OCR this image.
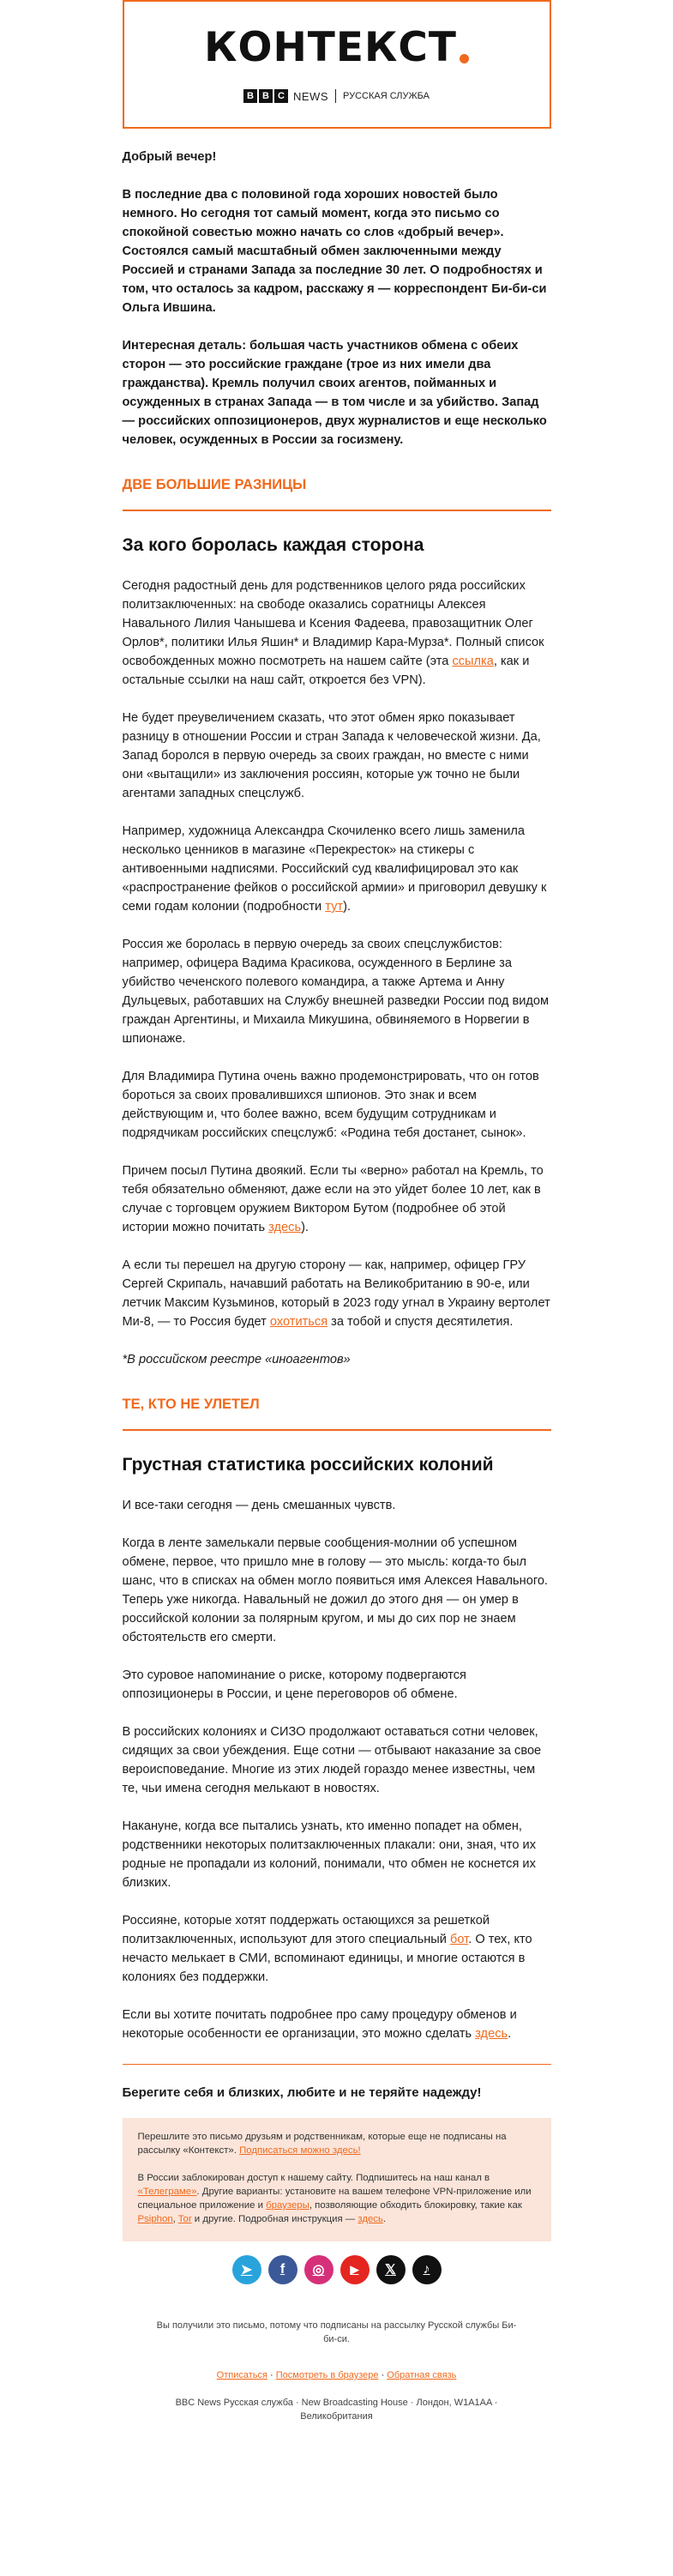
КОНТЕКСТ
B B C NEWS РУССКАЯ СЛУЖБА

Добрый вечер!

В последние два с половиной года хороших новостей было немного. Но сегодня тот самый момент, когда это письмо со спокойной совестью можно начать со слов «добрый вечер». Состоялся самый масштабный обмен заключенными между Россией и странами Запада за последние 30 лет. О подробностях и том, что осталось за кадром, расскажу я — корреспондент Би-би-си Ольга Ившина.

Интересная деталь: большая часть участников обмена с обеих сторон — это российские граждане (трое из них имели два гражданства). Кремль получил своих агентов, пойманных и осужденных в странах Запада — в том числе и за убийство. Запад — российских оппозиционеров, двух журналистов и еще несколько человек, осужденных в России за госизмену.

ДВЕ БОЛЬШИЕ РАЗНИЦЫ

За кого боролась каждая сторона

Сегодня радостный день для родственников целого ряда российских политзаключенных: на свободе оказались соратницы Алексея Навального Лилия Чанышева и Ксения Фадеева, правозащитник Олег Орлов*, политики Илья Яшин* и Владимир Кара-Мурза*. Полный список освобожденных можно посмотреть на нашем сайте (эта ссылка, как и остальные ссылки на наш сайт, откроется без VPN).

Не будет преувеличением сказать, что этот обмен ярко показывает разницу в отношении России и стран Запада к человеческой жизни. Да, Запад боролся в первую очередь за своих граждан, но вместе с ними они «вытащили» из заключения россиян, которые уж точно не были агентами западных спецслужб.

Например, художница Александра Скочиленко всего лишь заменила несколько ценников в магазине «Перекресток» на стикеры с антивоенными надписями. Российский суд квалифицировал это как «распространение фейков о российской армии» и приговорил девушку к семи годам колонии (подробности тут).

Россия же боролась в первую очередь за своих спецслужбистов: например, офицера Вадима Красикова, осужденного в Берлине за убийство чеченского полевого командира, а также Артема и Анну Дульцевых, работавших на Службу внешней разведки России под видом граждан Аргентины, и Михаила Микушина, обвиняемого в Норвегии в шпионаже.

Для Владимира Путина очень важно продемонстрировать, что он готов бороться за своих провалившихся шпионов. Это знак и всем действующим и, что более важно, всем будущим сотрудникам и подрядчикам российских спецслужб: «Родина тебя достанет, сынок».

Причем посыл Путина двоякий. Если ты «верно» работал на Кремль, то тебя обязательно обменяют, даже если на это уйдет более 10 лет, как в случае с торговцем оружием Виктором Бутом (подробнее об этой истории можно почитать здесь).

А если ты перешел на другую сторону — как, например, офицер ГРУ Сергей Скрипаль, начавший работать на Великобританию в 90-е, или летчик Максим Кузьминов, который в 2023 году угнал в Украину вертолет Ми-8, — то Россия будет охотиться за тобой и спустя десятилетия.

*В российском реестре «иноагентов»

ТЕ, КТО НЕ УЛЕТЕЛ

Грустная статистика российских колоний

И все-таки сегодня — день смешанных чувств.

Когда в ленте замелькали первые сообщения-молнии об успешном обмене, первое, что пришло мне в голову — это мысль: когда-то был шанс, что в списках на обмен могло появиться имя Алексея Навального. Теперь уже никогда. Навальный не дожил до этого дня — он умер в российской колонии за полярным кругом, и мы до сих пор не знаем обстоятельств его смерти.

Это суровое напоминание о риске, которому подвергаются оппозиционеры в России, и цене переговоров об обмене.

В российских колониях и СИЗО продолжают оставаться сотни человек, сидящих за свои убеждения. Еще сотни — отбывают наказание за свое вероисповедание. Многие из этих людей гораздо менее известны, чем те, чьи имена сегодня мелькают в новостях.

Накануне, когда все пытались узнать, кто именно попадет на обмен, родственники некоторых политзаключенных плакали: они, зная, что их родные не пропадали из колоний, понимали, что обмен не коснется их близких.

Россияне, которые хотят поддержать остающихся за решеткой политзаключенных, используют для этого специальный бот. О тех, кто нечасто мелькает в СМИ, вспоминают единицы, и многие остаются в колониях без поддержки.

Если вы хотите почитать подробнее про саму процедуру обменов и некоторые особенности ее организации, это можно сделать здесь.

Берегите себя и близких, любите и не теряйте надежду!

Перешлите это письмо друзьям и родственникам, которые еще не подписаны на рассылку «Контекст». Подписаться можно здесь!

В России заблокирован доступ к нашему сайту. Подпишитесь на наш канал в «Телеграме». Другие варианты: установите на вашем телефоне VPN-приложение или специальное приложение и браузеры, позволяющие обходить блокировку, такие как Psiphon, Tor и другие. Подробная инструкция — здесь.

➤	f	◎	▶	𝕏	♪

Вы получили это письмо, потому что подписаны на рассылку Русской службы Би-би-си.

Отписаться · Посмотреть в браузере · Обратная связь

BBC News Русская служба · New Broadcasting House · Лондон, W1A1AA · Великобритания
